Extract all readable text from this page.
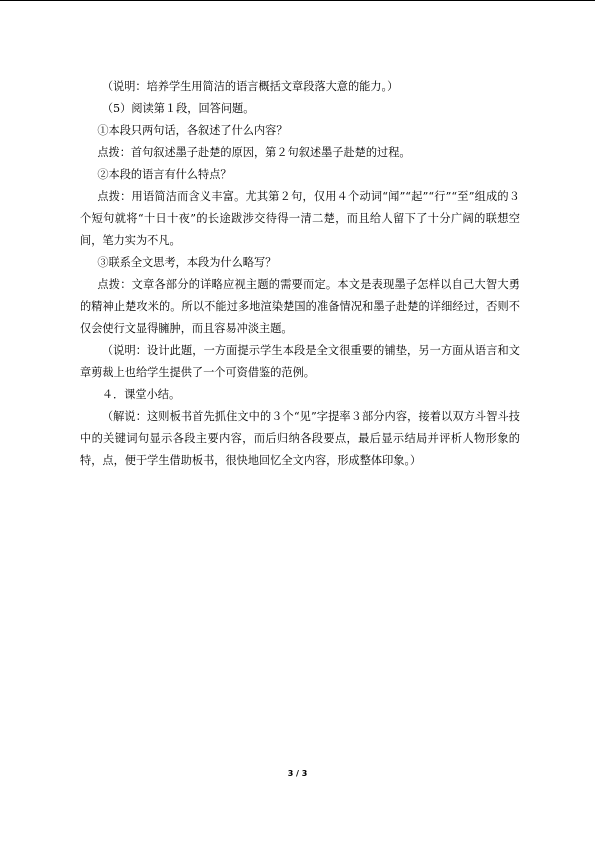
（说明：培养学生用简洁的语言概括文章段落大意的能力。）

（5）阅读第１段，回答问题。

①本段只两句话，各叙述了什么内容？

点拨：首句叙述墨子赴楚的原因，第２句叙述墨子赴楚的过程。

②本段的语言有什么特点？

点拨：用语简洁而含义丰富。尤其第２句，仅用４个动词“闻”“起”“行”“至”组成的３个短句就将“十日十夜”的长途跋涉交待得一清二楚，而且给人留下了十分广阔的联想空间，笔力实为不凡。

③联系全文思考，本段为什么略写？

点拨：文章各部分的详略应视主题的需要而定。本文是表现墨子怎样以自己大智大勇的精神止楚攻米的。所以不能过多地渲染楚国的准备情况和墨子赴楚的详细经过，否则不仅会使行文显得臃肿，而且容易冲淡主题。

（说明：设计此题，一方面提示学生本段是全文很重要的铺垫，另一方面从语言和文章剪裁上也给学生提供了一个可资借鉴的范例。

４．课堂小结。

（解说：这则板书首先抓住文中的３个“见”字提率３部分内容，接着以双方斗智斗技中的关键词句显示各段主要内容，而后归纳各段要点，最后显示结局并评析人物形象的特，点，便于学生借助板书，很快地回忆全文内容，形成整体印象。）

3 / 3
